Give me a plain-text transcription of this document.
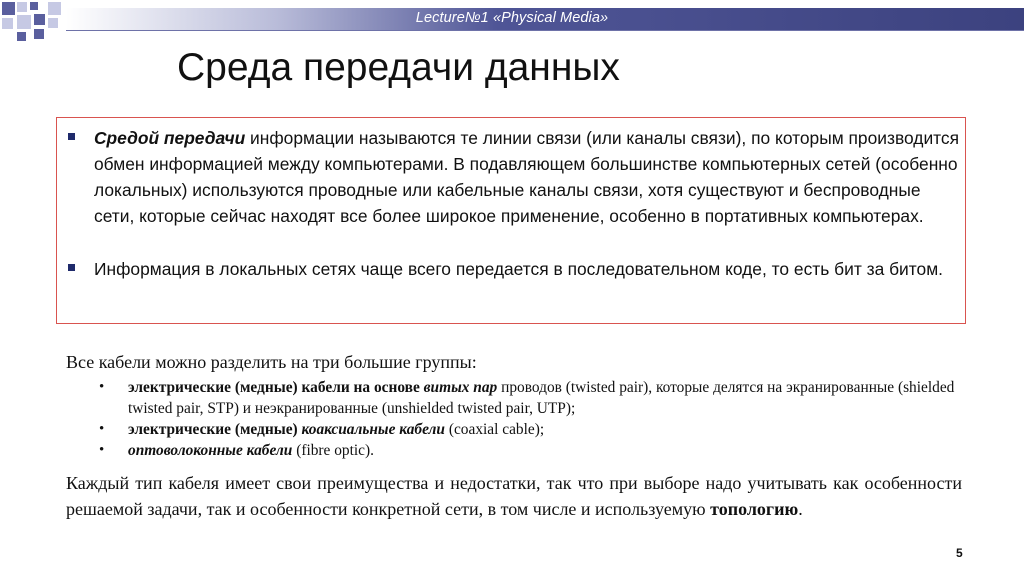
Lecture№1 «Physical Media»
Среда передачи данных
Средой передачи информации называются те линии связи (или каналы связи), по которым производится обмен информацией между компьютерами. В подавляющем большинстве компьютерных сетей (особенно локальных) используются проводные или кабельные каналы связи, хотя существуют и беспроводные сети, которые сейчас находят все более широкое применение, особенно в портативных компьютерах.
Информация в локальных сетях чаще всего передается в последовательном коде, то есть бит за битом.
Все кабели можно разделить на три большие группы:
• электрические (медные) кабели на основе витых пар проводов (twisted pair), которые делятся на экранированные (shielded twisted pair, STP) и неэкранированные (unshielded twisted pair, UTP);
• электрические (медные) коаксиальные кабели (coaxial cable);
• оптоволоконные кабели (fibre optic).
Каждый тип кабеля имеет свои преимущества и недостатки, так что при выборе надо учитывать как особенности решаемой задачи, так и особенности конкретной сети, в том числе и используемую топологию.
5
